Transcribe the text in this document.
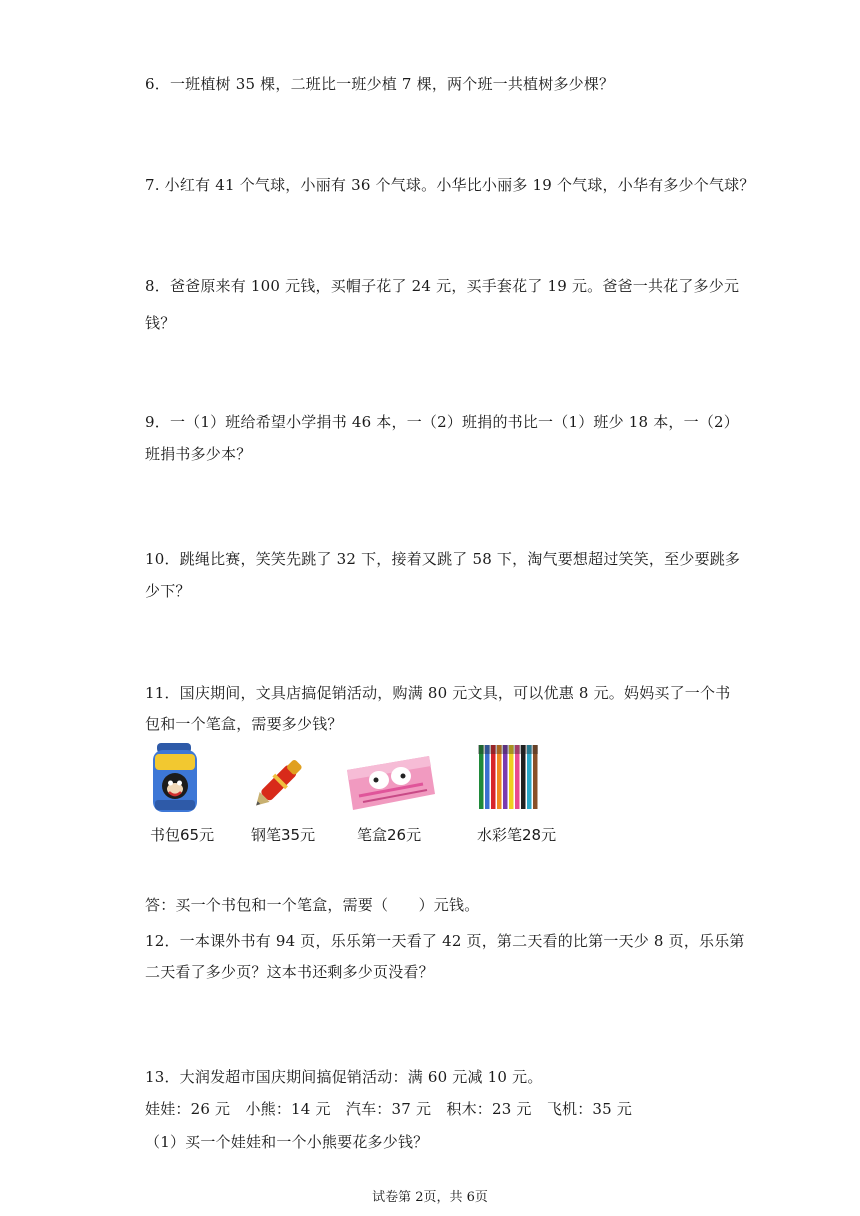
6．一班植树 35 棵，二班比一班少植 7 棵，两个班一共植树多少棵？
7. 小红有 41 个气球，小丽有 36 个气球。小华比小丽多 19 个气球，小华有多少个气球？
8．爸爸原来有 100 元钱，买帽子花了 24 元，买手套花了 19 元。爸爸一共花了多少元
钱？
9．一（1）班给希望小学捐书 46 本，一（2）班捐的书比一（1）班少 18 本，一（2）
班捐书多少本？
10．跳绳比赛，笑笑先跳了 32 下，接着又跳了 58 下，淘气要想超过笑笑，至少要跳多
少下？
11．国庆期间，文具店搞促销活动，购满 80 元文具，可以优惠 8 元。妈妈买了一个书
包和一个笔盒，需要多少钱？
书包65元 钢笔35元	笔盒26元	水彩笔28元
答：买一个书包和一个笔盒，需要（　　）元钱。
12．一本课外书有 94 页，乐乐第一天看了 42 页，第二天看的比第一天少 8 页，乐乐第
二天看了多少页？这本书还剩多少页没看？
13．大润发超市国庆期间搞促销活动：满 60 元减 10 元。
娃娃：26 元　小熊：14 元　汽车：37 元　积木：23 元　飞机：35 元
（1）买一个娃娃和一个小熊要花多少钱？
试卷第 2页，共 6页
